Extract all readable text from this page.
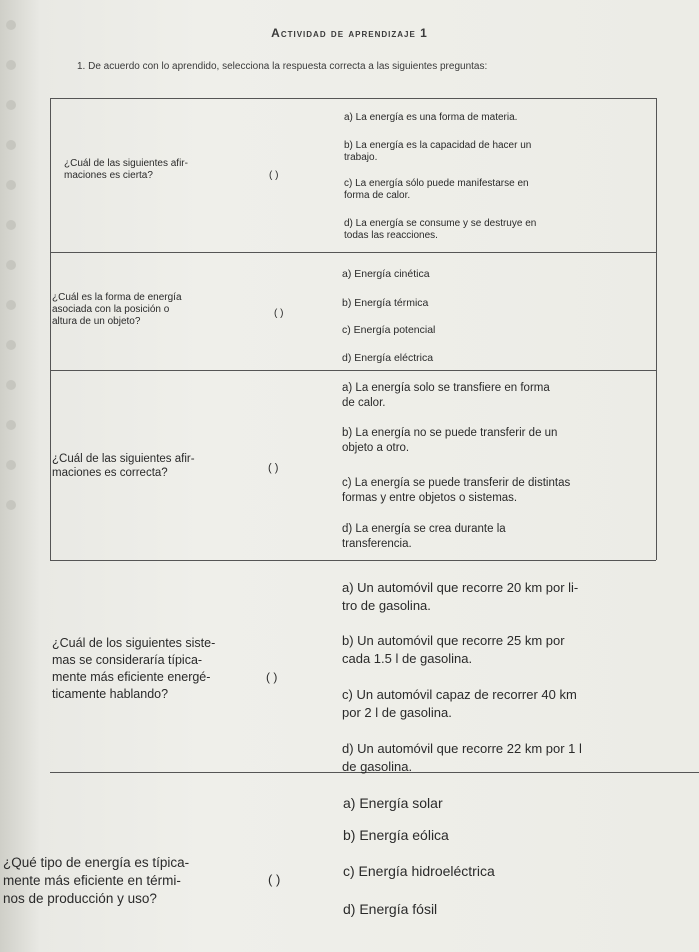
Actividad de aprendizaje 1
1. De acuerdo con lo aprendido, selecciona la respuesta correcta a las siguientes preguntas:
¿Cuál de las siguientes afir-
maciones es cierta?	( )
a) La energía es una forma de materia.
b) La energía es la capacidad de hacer un
trabajo.
c) La energía sólo puede manifestarse en
forma de calor.
d) La energía se consume y se destruye en
todas las reacciones.
¿Cuál es la forma de energía
asociada con la posición o
altura de un objeto?
( )
a) Energía cinética
b) Energía térmica
c) Energía potencial
d) Energía eléctrica
¿Cuál de las siguientes afir-
maciones es correcta?	( )
a) La energía solo se transfiere en forma
de calor.
b) La energía no se puede transferir de un
objeto a otro.
c) La energía se puede transferir de distintas
formas y entre objetos o sistemas.
d) La energía se crea durante la
transferencia.
¿Cuál de los siguientes siste-
mas se consideraría típica-
mente más eficiente energé-
ticamente hablando?
( )
a) Un automóvil que recorre 20 km por li-
tro de gasolina.
b) Un automóvil que recorre 25 km por
cada 1.5 l de gasolina.
c) Un automóvil capaz de recorrer 40 km
por 2 l de gasolina.
d) Un automóvil que recorre 22 km por 1 l
de gasolina.
¿Qué tipo de energía es típica-
mente más eficiente en térmi-
nos de producción y uso?
( )
a) Energía solar
b) Energía eólica
c) Energía hidroeléctrica
d) Energía fósil
